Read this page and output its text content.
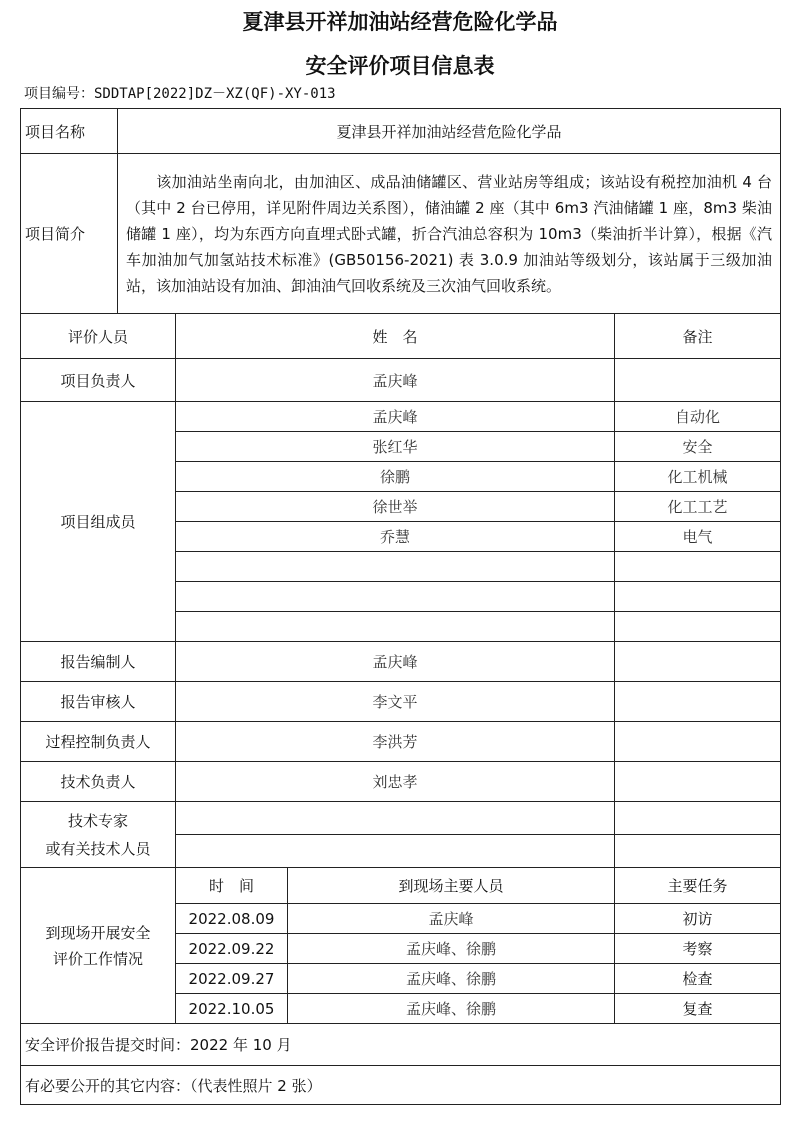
夏津县开祥加油站经营危险化学品
安全评价项目信息表
项目编号：SDDTAP[2022]DZ－XZ(QF)-XY-013
项目名称	夏津县开祥加油站经营危险化学品			
项目简介	该加油站坐南向北，由加油区、成品油储罐区、营业站房等组成；该站设有税控加油机 4 台（其中 2 台已停用，详见附件周边关系图），储油罐 2 座（其中 6m3 汽油储罐 1 座，8m3 柴油储罐 1 座），均为东西方向直埋式卧式罐，折合汽油总容积为 10m3（柴油折半计算），根据《汽车加油加气加氢站技术标准》(GB50156-2021) 表 3.0.9 加油站等级划分，该站属于三级加油站，该加油站设有加油、卸油油气回收系统及三次油气回收系统。			
评价人员		姓　名		备注
项目负责人		孟庆峰		
项目组成员		孟庆峰		自动化
		张红华		安全
		徐鹏		化工机械
		徐世举		化工工艺
		乔慧		电气

报告编制人		孟庆峰		
报告审核人		李文平		
过程控制负责人		李洪芳		
技术负责人		刘忠孝		

技术专家
或有关技术人员				

到现场开展安全
评价工作情况		时　间	到现场主要人员	主要任务
		2022.08.09	孟庆峰	初访
		2022.09.22	孟庆峰、徐鹏	考察
		2022.09.27	孟庆峰、徐鹏	检查
		2022.10.05	孟庆峰、徐鹏	复查
安全评价报告提交时间：2022 年 10 月				
有必要公开的其它内容：（代表性照片 2 张）				
